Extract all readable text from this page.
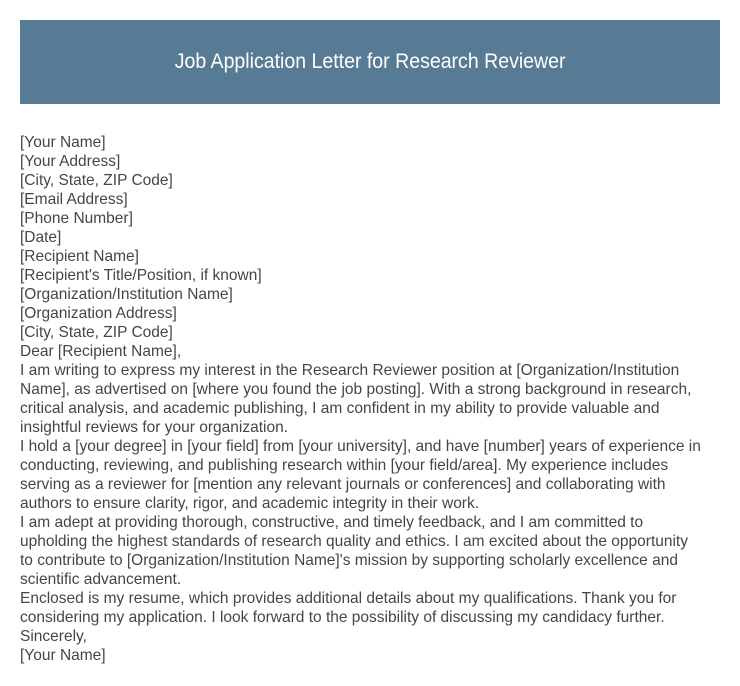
Job Application Letter for Research Reviewer
[Your Name]
[Your Address]
[City, State, ZIP Code]
[Email Address]
[Phone Number]
[Date]
[Recipient Name]
[Recipient's Title/Position, if known]
[Organization/Institution Name]
[Organization Address]
[City, State, ZIP Code]
Dear [Recipient Name],
I am writing to express my interest in the Research Reviewer position at [Organization/Institution
Name], as advertised on [where you found the job posting]. With a strong background in research,
critical analysis, and academic publishing, I am confident in my ability to provide valuable and
insightful reviews for your organization.
I hold a [your degree] in [your field] from [your university], and have [number] years of experience in
conducting, reviewing, and publishing research within [your field/area]. My experience includes
serving as a reviewer for [mention any relevant journals or conferences] and collaborating with
authors to ensure clarity, rigor, and academic integrity in their work.
I am adept at providing thorough, constructive, and timely feedback, and I am committed to
upholding the highest standards of research quality and ethics. I am excited about the opportunity
to contribute to [Organization/Institution Name]'s mission by supporting scholarly excellence and
scientific advancement.
Enclosed is my resume, which provides additional details about my qualifications. Thank you for
considering my application. I look forward to the possibility of discussing my candidacy further.
Sincerely,
[Your Name]
